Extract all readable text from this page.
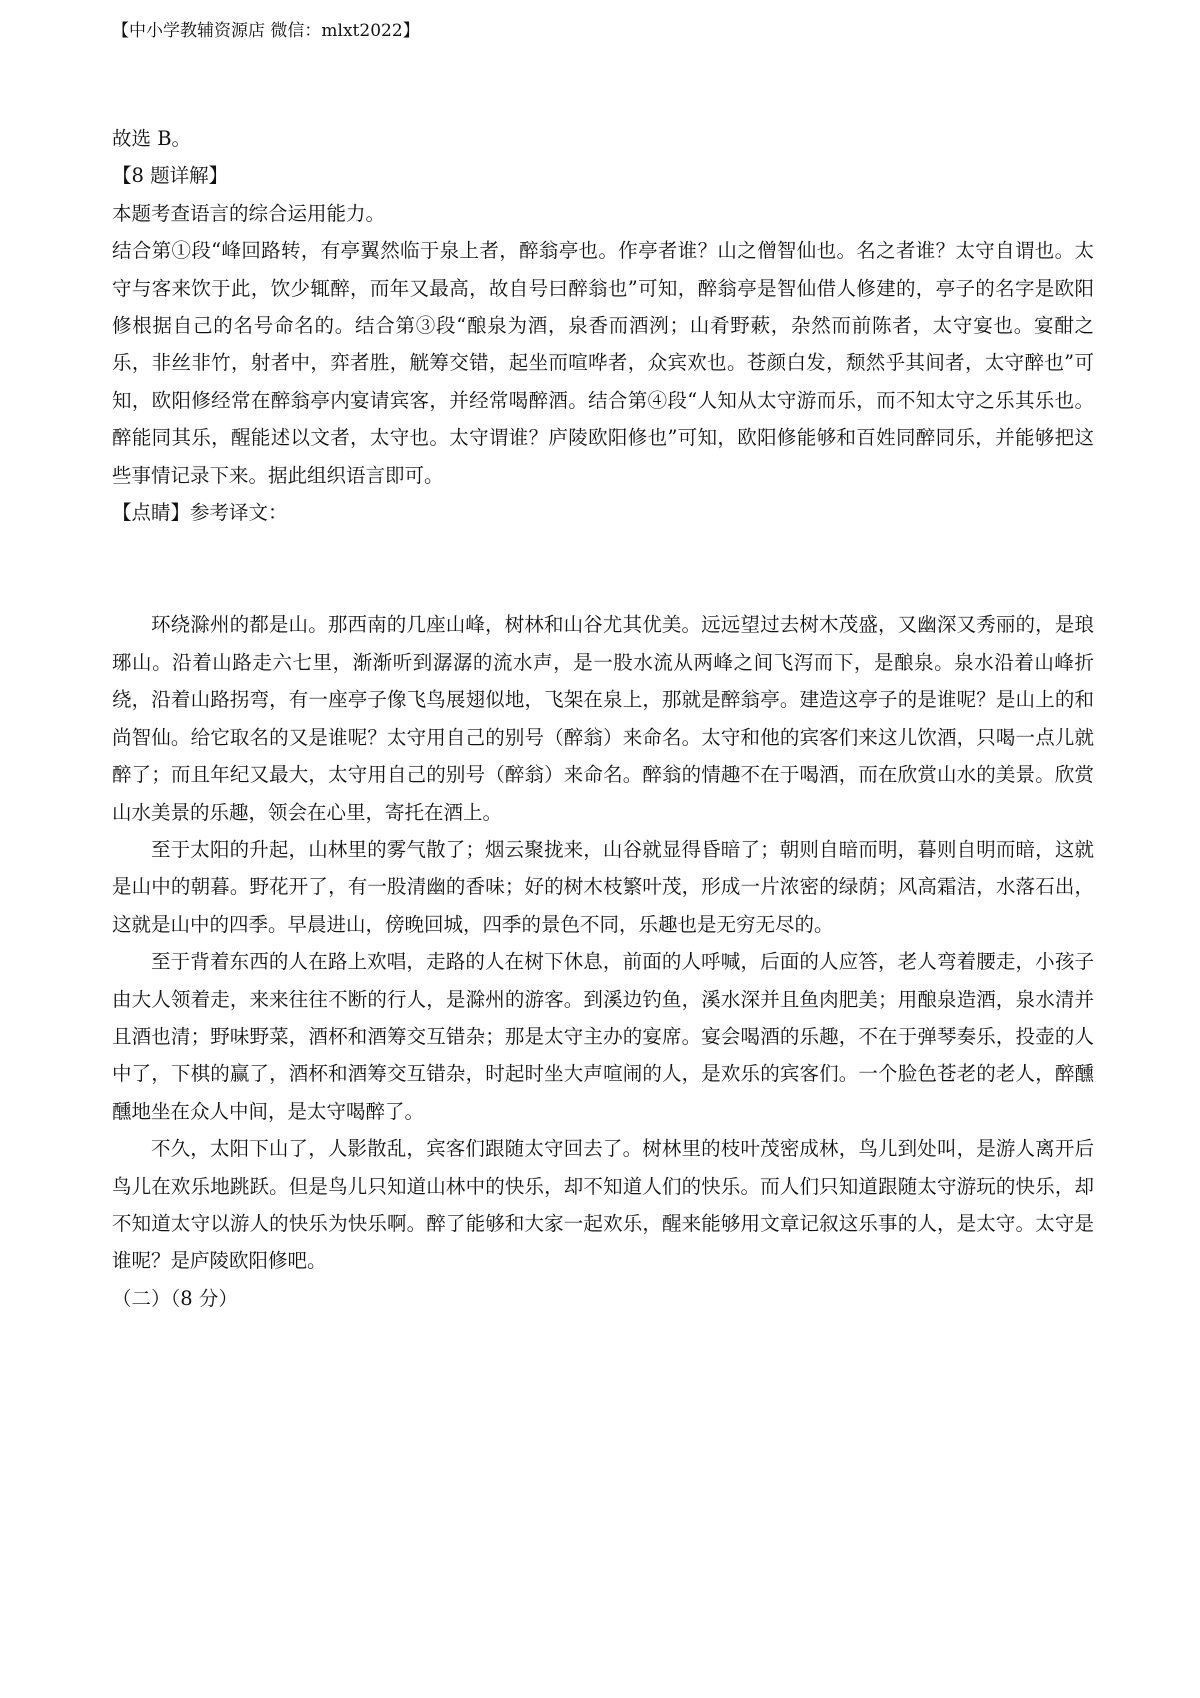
【中小学教辅资源店 微信：mlxt2022】

故选 B。

【8 题详解】

本题考查语言的综合运用能力。

结合第①段“峰回路转，有亭翼然临于泉上者，醉翁亭也。作亭者谁？山之僧智仙也。名之者谁？太守自谓也。太守与客来饮于此，饮少辄醉，而年又最高，故自号曰醉翁也”可知，醉翁亭是智仙借人修建的，亭子的名字是欧阳修根据自己的名号命名的。结合第③段“酿泉为酒，泉香而酒洌；山肴野蔌，杂然而前陈者，太守宴也。宴酣之乐，非丝非竹，射者中，弈者胜，觥筹交错，起坐而喧哗者，众宾欢也。苍颜白发，颓然乎其间者，太守醉也”可知，欧阳修经常在醉翁亭内宴请宾客，并经常喝醉酒。结合第④段“人知从太守游而乐，而不知太守之乐其乐也。醉能同其乐，醒能述以文者，太守也。太守谓谁？庐陵欧阳修也”可知，欧阳修能够和百姓同醉同乐，并能够把这些事情记录下来。据此组织语言即可。

【点睛】参考译文：

环绕滁州的都是山。那西南的几座山峰，树林和山谷尤其优美。远远望过去树木茂盛，又幽深又秀丽的，是琅琊山。沿着山路走六七里，渐渐听到潺潺的流水声，是一股水流从两峰之间飞泻而下，是酿泉。泉水沿着山峰折绕，沿着山路拐弯，有一座亭子像飞鸟展翅似地，飞架在泉上，那就是醉翁亭。建造这亭子的是谁呢？是山上的和尚智仙。给它取名的又是谁呢？太守用自己的别号（醉翁）来命名。太守和他的宾客们来这儿饮酒，只喝一点儿就醉了；而且年纪又最大，太守用自己的别号（醉翁）来命名。醉翁的情趣不在于喝酒，而在欣赏山水的美景。欣赏山水美景的乐趣，领会在心里，寄托在酒上。

至于太阳的升起，山林里的雾气散了；烟云聚拢来，山谷就显得昏暗了；朝则自暗而明，暮则自明而暗，这就是山中的朝暮。野花开了，有一股清幽的香味；好的树木枝繁叶茂，形成一片浓密的绿荫；风高霜洁，水落石出，这就是山中的四季。早晨进山，傍晚回城，四季的景色不同，乐趣也是无穷无尽的。

至于背着东西的人在路上欢唱，走路的人在树下休息，前面的人呼喊，后面的人应答，老人弯着腰走，小孩子由大人领着走，来来往往不断的行人，是滁州的游客。到溪边钓鱼，溪水深并且鱼肉肥美；用酿泉造酒，泉水清并且酒也清；野味野菜，酒杯和酒筹交互错杂；那是太守主办的宴席。宴会喝酒的乐趣，不在于弹琴奏乐，投壶的人中了，下棋的赢了，酒杯和酒筹交互错杂，时起时坐大声喧闹的人，是欢乐的宾客们。一个脸色苍老的老人，醉醺醺地坐在众人中间，是太守喝醉了。

不久，太阳下山了，人影散乱，宾客们跟随太守回去了。树林里的枝叶茂密成林，鸟儿到处叫，是游人离开后鸟儿在欢乐地跳跃。但是鸟儿只知道山林中的快乐，却不知道人们的快乐。而人们只知道跟随太守游玩的快乐，却不知道太守以游人的快乐为快乐啊。醉了能够和大家一起欢乐，醒来能够用文章记叙这乐事的人，是太守。太守是谁呢？是庐陵欧阳修吧。

（二）（8 分）
